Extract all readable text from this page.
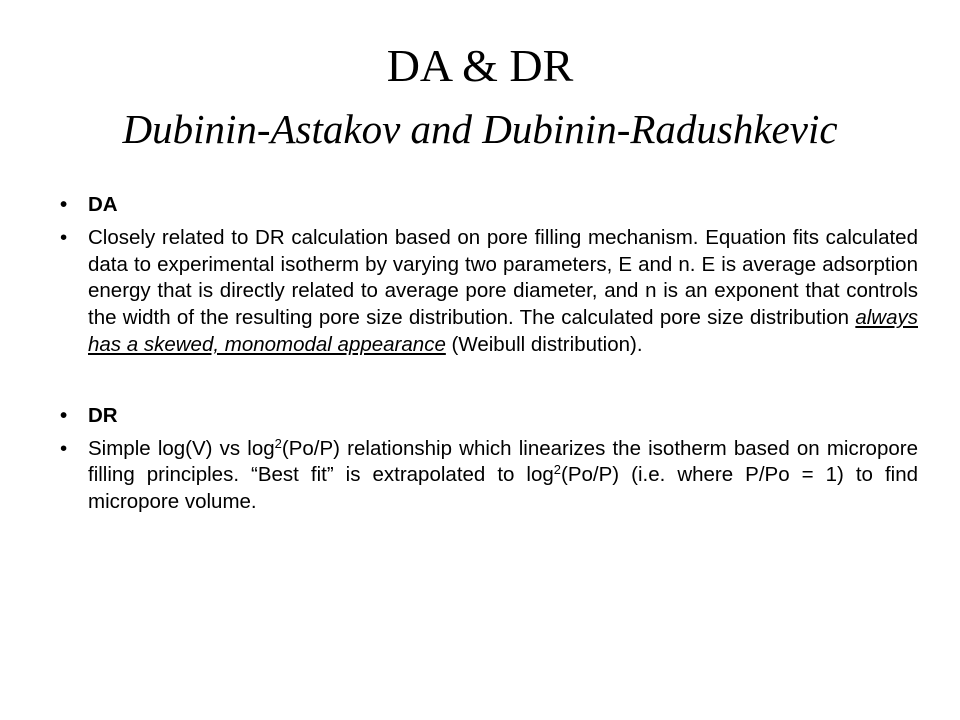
DA & DR
Dubinin-Astakov and Dubinin-Radushkevic
• DA
• Closely related to DR calculation based on pore filling mechanism. Equation fits calculated data to experimental isotherm by varying two parameters, E and n. E is average adsorption energy that is directly related to average pore diameter, and n is an exponent that controls the width of the resulting pore size distribution. The calculated pore size distribution always has a skewed, monomodal appearance (Weibull distribution).
• DR
• Simple log(V) vs $\log^2(Po/P)$ relationship which linearizes the isotherm based on micropore filling principles. “Best fit” is extrapolated to $\log^2(Po/P)$ (i.e. where P/Po = 1) to find micropore volume.
